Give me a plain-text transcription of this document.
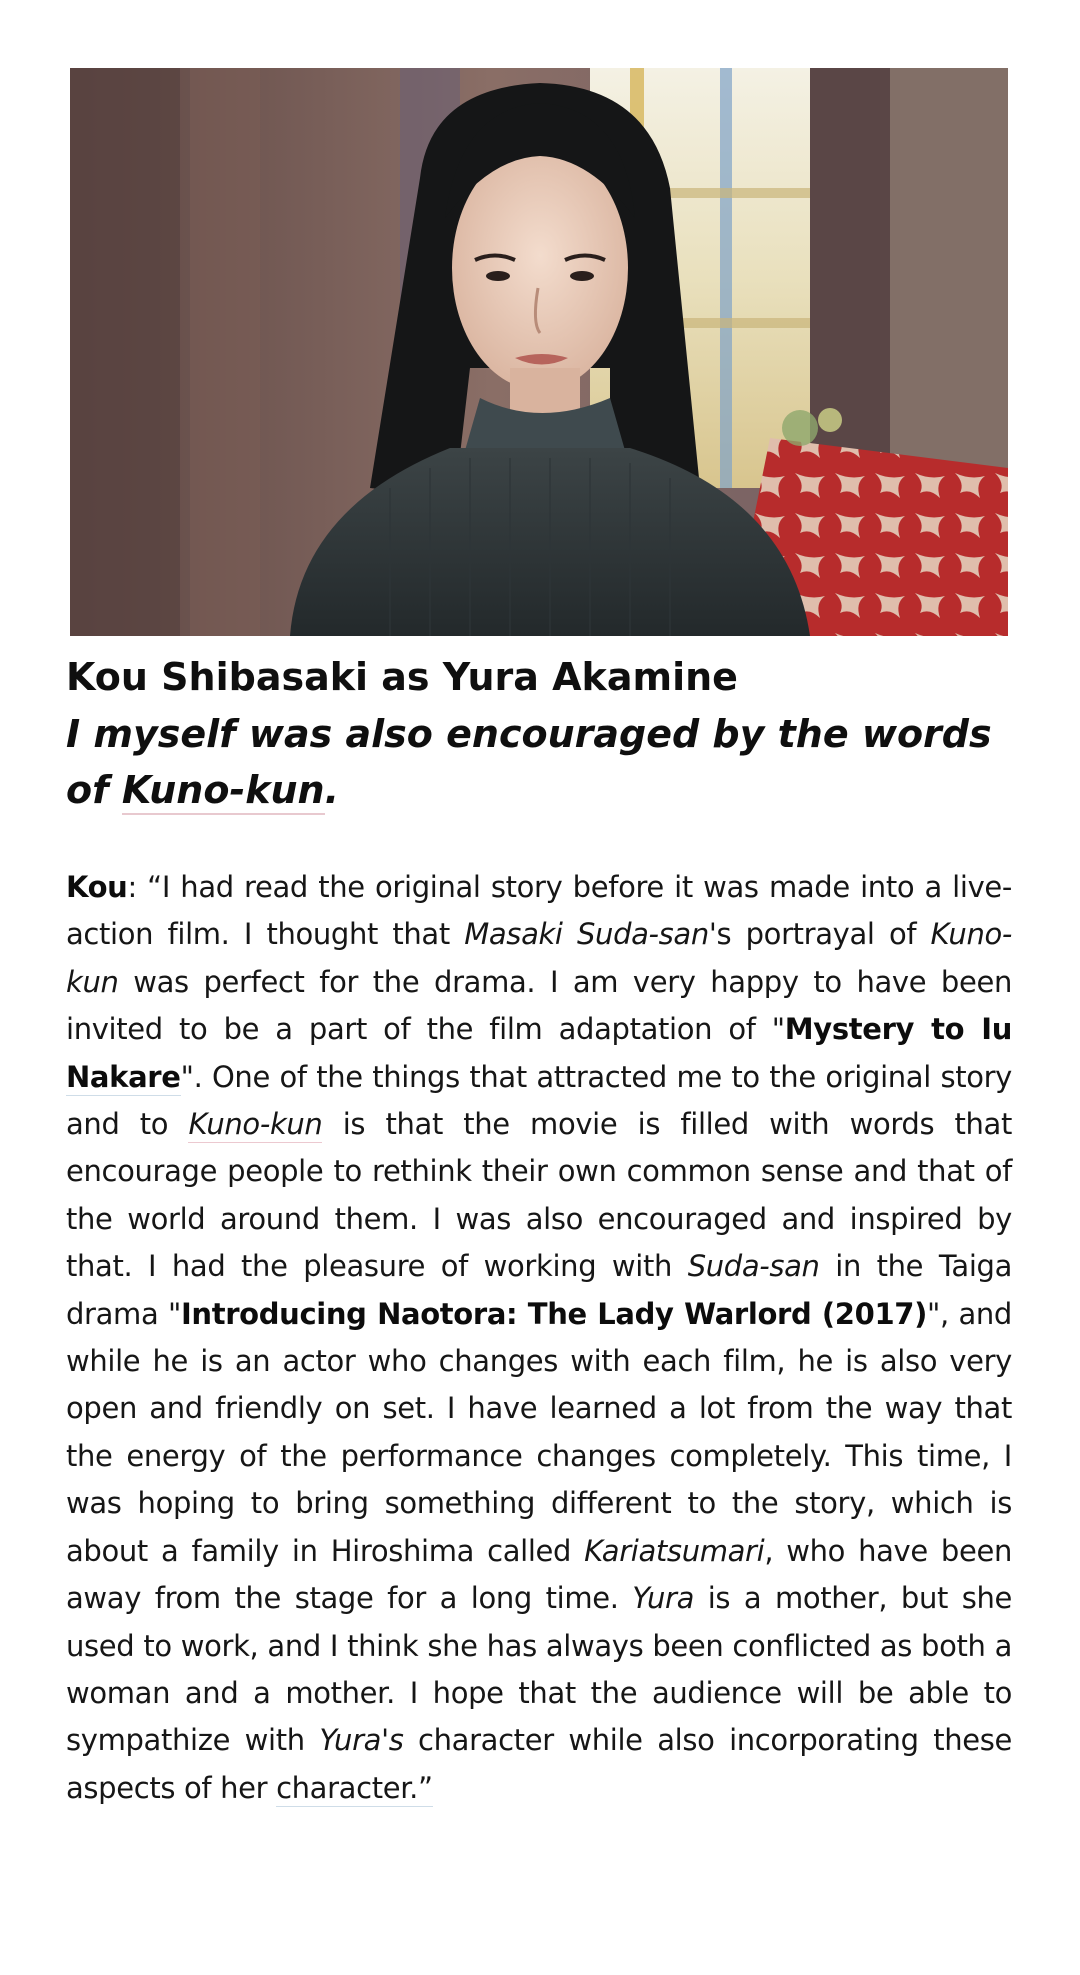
Kou Shibasaki as Yura Akamine
I myself was also encouraged by the words of Kuno-kun.

Kou: “I had read the original story before it was made into a live-action film. I thought that Masaki Suda-san's portrayal of Kuno-kun was perfect for the drama. I am very happy to have been invited to be a part of the film adaptation of "Mystery to Iu Nakare". One of the things that attracted me to the original story and to Kuno-kun is that the movie is filled with words that encourage people to rethink their own common sense and that of the world around them. I was also encouraged and inspired by that. I had the pleasure of working with Suda-san in the Taiga drama "Introducing Naotora: The Lady Warlord (2017)", and while he is an actor who changes with each film, he is also very open and friendly on set. I have learned a lot from the way that the energy of the performance changes completely. This time, I was hoping to bring something different to the story, which is about a family in Hiroshima called Kariatsumari, who have been away from the stage for a long time. Yura is a mother, but she used to work, and I think she has always been conflicted as both a woman and a mother. I hope that the audience will be able to sympathize with Yura's character while also incorporating these aspects of her character.”
